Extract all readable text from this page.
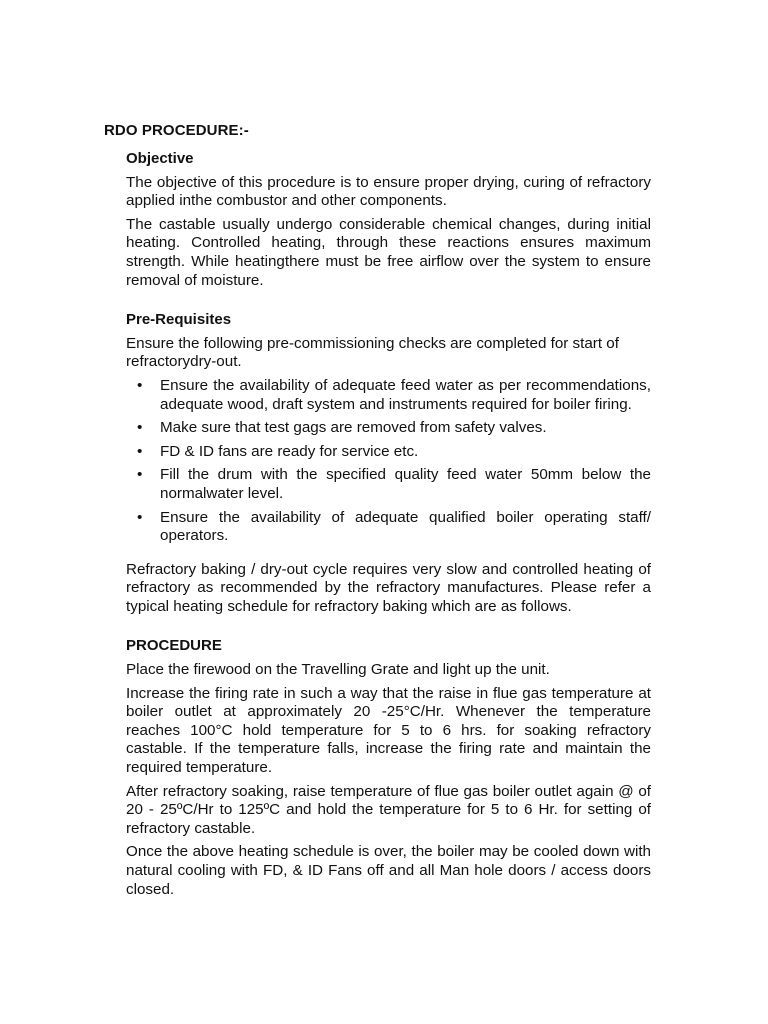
RDO PROCEDURE:-
Objective

The objective of this procedure is to ensure proper drying, curing of refractory applied inthe combustor and other components.

The castable usually undergo considerable chemical changes, during initial heating. Controlled heating, through these reactions ensures maximum strength. While heatingthere must be free airflow over the system to ensure removal of moisture.

Pre-Requisites

Ensure the following pre-commissioning checks are completed for start of refractorydry-out.

• Ensure the availability of adequate feed water as per recommendations, adequate wood, draft system and instruments required for boiler firing.
• Make sure that test gags are removed from safety valves.
• FD & ID fans are ready for service etc.
• Fill the drum with the specified quality feed water 50mm below the normalwater level.
• Ensure the availability of adequate qualified boiler operating staff/ operators.

Refractory baking / dry-out cycle requires very slow and controlled heating of refractory as recommended by the refractory manufactures. Please refer a typical heating schedule for refractory baking which are as follows.

PROCEDURE

Place the firewood on the Travelling Grate and light up the unit.

Increase the firing rate in such a way that the raise in flue gas temperature at boiler outlet at approximately 20 -25°C/Hr. Whenever the temperature reaches 100°C hold temperature for 5 to 6 hrs. for soaking refractory castable. If the temperature falls, increase the firing rate and maintain the required temperature.

After refractory soaking, raise temperature of flue gas boiler outlet again @ of 20 - 25ºC/Hr to 125ºC and hold the temperature for 5 to 6 Hr. for setting of refractory castable.

Once the above heating schedule is over, the boiler may be cooled down with natural cooling with FD, & ID Fans off and all Man hole doors / access doors closed.
